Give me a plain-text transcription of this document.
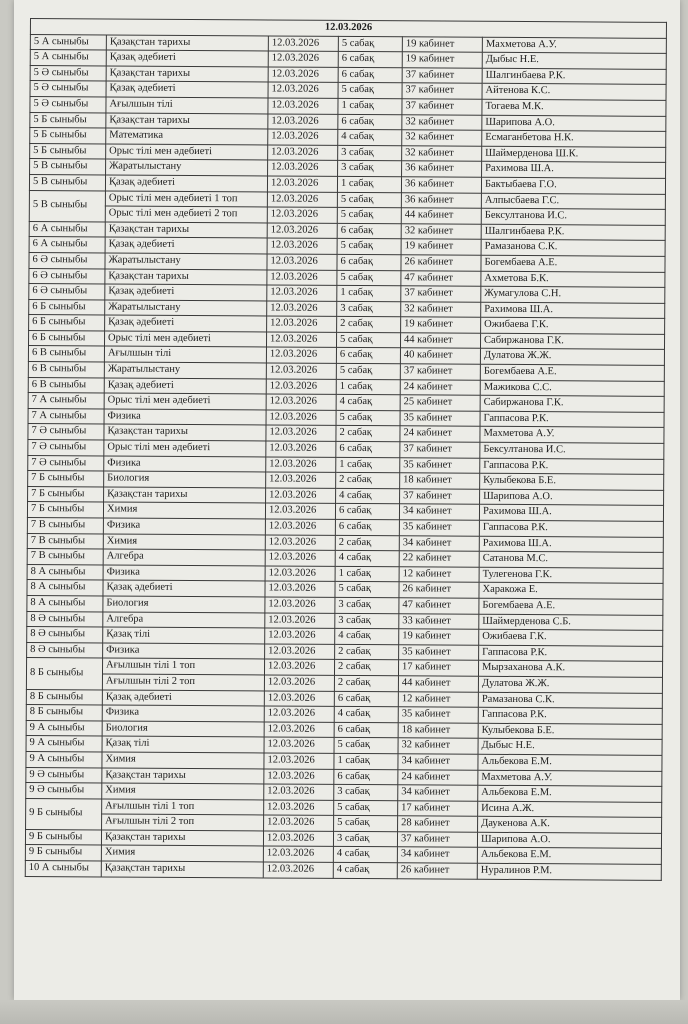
12.03.2026					
5 А сыныбы	Қазақстан тарихы	12.03.2026	5 сабақ	19 кабинет	Махметова А.У.
5 А сыныбы	Қазақ әдебиеті	12.03.2026	6 сабақ	19 кабинет	Дыбыс Н.Е.
5 Ә сыныбы	Қазақстан тарихы	12.03.2026	6 сабақ	37 кабинет	Шалгинбаева Р.К.
5 Ә сыныбы	Қазақ әдебиеті	12.03.2026	5 сабақ	37 кабинет	Айтенова К.С.
5 Ә сыныбы	Ағылшын тілі	12.03.2026	1 сабақ	37 кабинет	Тогаева М.К.
5 Б сыныбы	Қазақстан тарихы	12.03.2026	6 сабақ	32 кабинет	Шарипова А.О.
5 Б сыныбы	Математика	12.03.2026	4 сабақ	32 кабинет	Есмаганбетова Н.К.
5 Б сыныбы	Орыс тілі мен әдебиеті	12.03.2026	3 сабақ	32 кабинет	Шаймерденова Ш.К.
5 В сыныбы	Жаратылыстану	12.03.2026	3 сабақ	36 кабинет	Рахимова Ш.А.
5 В сыныбы	Қазақ әдебиеті	12.03.2026	1 сабақ	36 кабинет	Бактыбаева Г.О.
5 В сыныбы	Орыс тілі мен әдебиеті 1 топ	12.03.2026	5 сабақ	36 кабинет	Алпысбаева Г.С.
	Орыс тілі мен әдебиеті 2 топ	12.03.2026	5 сабақ	44 кабинет	Бексултанова И.С.
6 А сыныбы	Қазақстан тарихы	12.03.2026	6 сабақ	32 кабинет	Шалгинбаева Р.К.
6 А сыныбы	Қазақ әдебиеті	12.03.2026	5 сабақ	19 кабинет	Рамазанова С.К.
6 Ә сыныбы	Жаратылыстану	12.03.2026	6 сабақ	26 кабинет	Богембаева А.Е.
6 Ә сыныбы	Қазақстан тарихы	12.03.2026	5 сабақ	47 кабинет	Ахметова Б.К.
6 Ә сыныбы	Қазақ әдебиеті	12.03.2026	1 сабақ	37 кабинет	Жумагулова С.Н.
6 Б сыныбы	Жаратылыстану	12.03.2026	3 сабақ	32 кабинет	Рахимова Ш.А.
6 Б сыныбы	Қазақ әдебиеті	12.03.2026	2 сабақ	19 кабинет	Ожибаева Г.К.
6 Б сыныбы	Орыс тілі мен әдебиеті	12.03.2026	5 сабақ	44 кабинет	Сабиржанова Г.К.
6 В сыныбы	Ағылшын тілі	12.03.2026	6 сабақ	40 кабинет	Дулатова Ж.Ж.
6 В сыныбы	Жаратылыстану	12.03.2026	5 сабақ	37 кабинет	Богембаева А.Е.
6 В сыныбы	Қазақ әдебиеті	12.03.2026	1 сабақ	24 кабинет	Мажикова С.С.
7 А сыныбы	Орыс тілі мен әдебиеті	12.03.2026	4 сабақ	25 кабинет	Сабиржанова Г.К.
7 А сыныбы	Физика	12.03.2026	5 сабақ	35 кабинет	Гаппасова Р.К.
7 Ә сыныбы	Қазақстан тарихы	12.03.2026	2 сабақ	24 кабинет	Махметова А.У.
7 Ә сыныбы	Орыс тілі мен әдебиеті	12.03.2026	6 сабақ	37 кабинет	Бексултанова И.С.
7 Ә сыныбы	Физика	12.03.2026	1 сабақ	35 кабинет	Гаппасова Р.К.
7 Б сыныбы	Биология	12.03.2026	2 сабақ	18 кабинет	Кулыбекова Б.Е.
7 Б сыныбы	Қазақстан тарихы	12.03.2026	4 сабақ	37 кабинет	Шарипова А.О.
7 Б сыныбы	Химия	12.03.2026	6 сабақ	34 кабинет	Рахимова Ш.А.
7 В сыныбы	Физика	12.03.2026	6 сабақ	35 кабинет	Гаппасова Р.К.
7 В сыныбы	Химия	12.03.2026	2 сабақ	34 кабинет	Рахимова Ш.А.
7 В сыныбы	Алгебра	12.03.2026	4 сабақ	22 кабинет	Сатанова М.С.
8 А сыныбы	Физика	12.03.2026	1 сабақ	12 кабинет	Тулегенова Г.К.
8 А сыныбы	Қазақ әдебиеті	12.03.2026	5 сабақ	26 кабинет	Харакожа Е.
8 А сыныбы	Биология	12.03.2026	3 сабақ	47 кабинет	Богембаева А.Е.
8 Ә сыныбы	Алгебра	12.03.2026	3 сабақ	33 кабинет	Шаймерденова С.Б.
8 Ә сыныбы	Қазақ тілі	12.03.2026	4 сабақ	19 кабинет	Ожибаева Г.К.
8 Ә сыныбы	Физика	12.03.2026	2 сабақ	35 кабинет	Гаппасова Р.К.
8 Б сыныбы	Ағылшын тілі 1 топ	12.03.2026	2 сабақ	17 кабинет	Мырзаханова А.К.
	Ағылшын тілі 2 топ	12.03.2026	2 сабақ	44 кабинет	Дулатова Ж.Ж.
8 Б сыныбы	Қазақ әдебиеті	12.03.2026	6 сабақ	12 кабинет	Рамазанова С.К.
8 Б сыныбы	Физика	12.03.2026	4 сабақ	35 кабинет	Гаппасова Р.К.
9 А сыныбы	Биология	12.03.2026	6 сабақ	18 кабинет	Кулыбекова Б.Е.
9 А сыныбы	Қазақ тілі	12.03.2026	5 сабақ	32 кабинет	Дыбыс Н.Е.
9 А сыныбы	Химия	12.03.2026	1 сабақ	34 кабинет	Альбекова Е.М.
9 Ә сыныбы	Қазақстан тарихы	12.03.2026	6 сабақ	24 кабинет	Махметова А.У.
9 Ә сыныбы	Химия	12.03.2026	3 сабақ	34 кабинет	Альбекова Е.М.
9 Б сыныбы	Ағылшын тілі 1 топ	12.03.2026	5 сабақ	17 кабинет	Исина А.Ж.
	Ағылшын тілі 2 топ	12.03.2026	5 сабақ	28 кабинет	Даукенова А.К.
9 Б сыныбы	Қазақстан тарихы	12.03.2026	3 сабақ	37 кабинет	Шарипова А.О.
9 Б сыныбы	Химия	12.03.2026	4 сабақ	34 кабинет	Альбекова Е.М.
10 А сыныбы	Қазақстан тарихы	12.03.2026	4 сабақ	26 кабинет	Нуралинов Р.М.
